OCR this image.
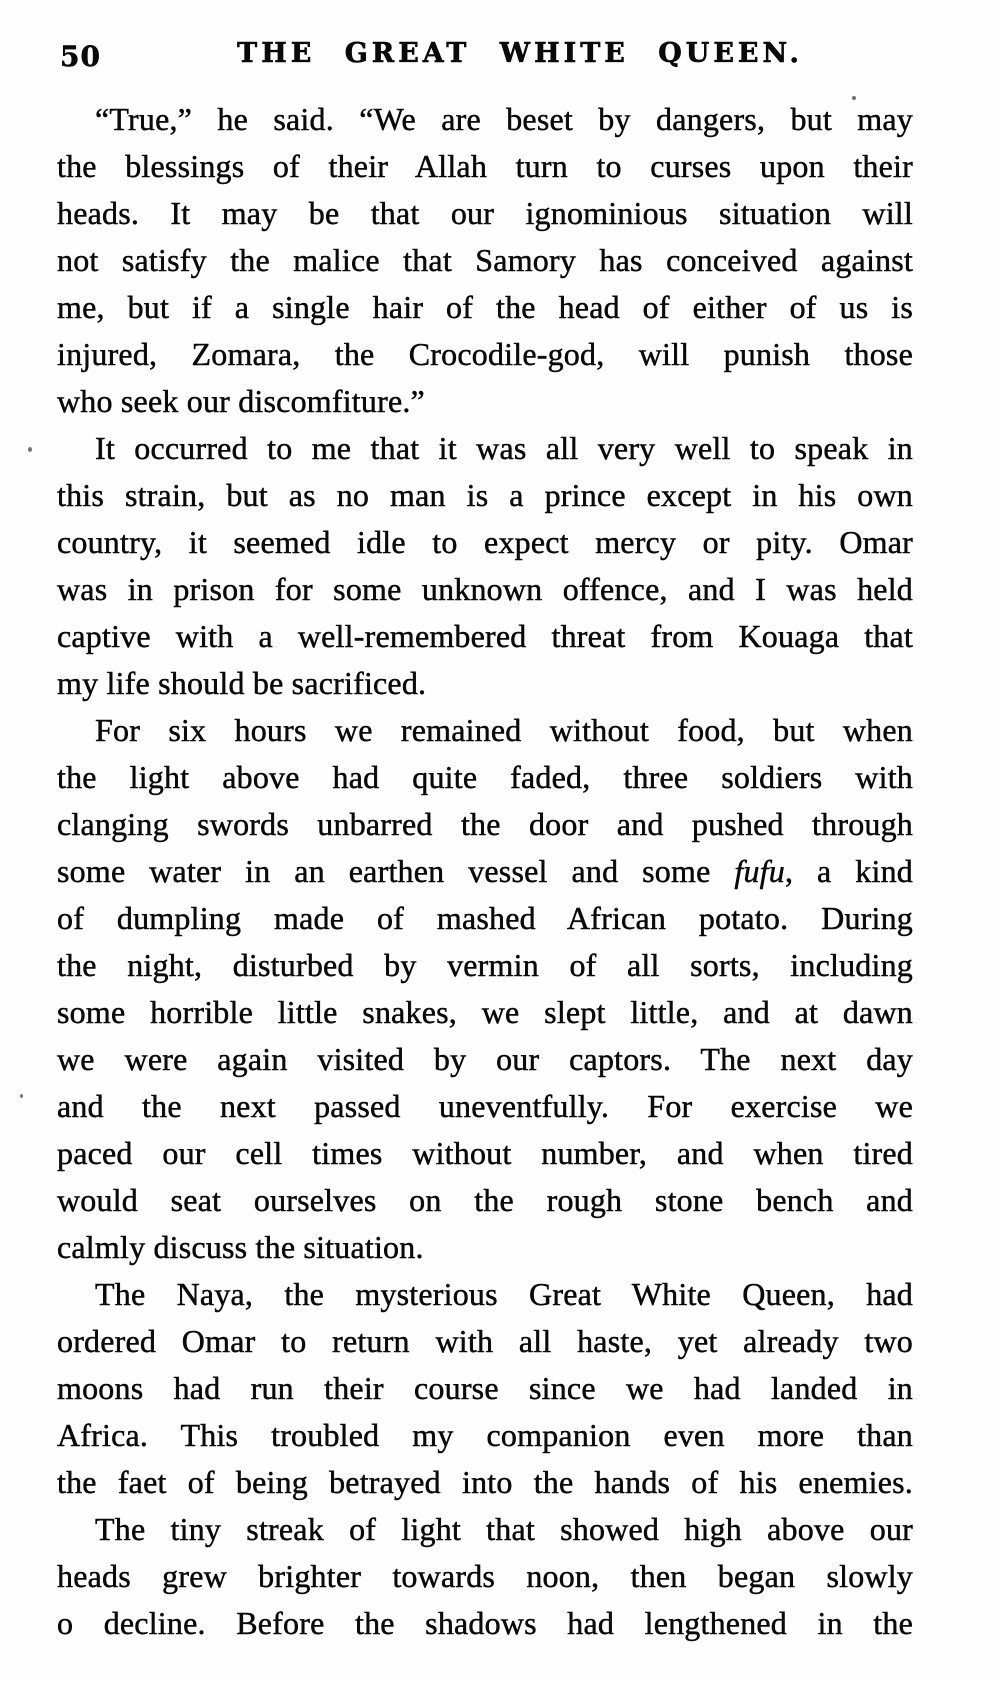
50	THE GREAT WHITE QUEEN.
“True,” he said. “We are beset by dangers, but may
the blessings of their Allah turn to curses upon their
heads. It may be that our ignominious situation will
not satisfy the malice that Samory has conceived against
me, but if a single hair of the head of either of us is
injured, Zomara, the Crocodile-god, will punish those
who seek our discomfiture.”
It occurred to me that it was all very well to speak in
this strain, but as no man is a prince except in his own
country, it seemed idle to expect mercy or pity. Omar
was in prison for some unknown offence, and I was held
captive with a well-remembered threat from Kouaga that
my life should be sacrificed.
For six hours we remained without food, but when
the light above had quite faded, three soldiers with
clanging swords unbarred the door and pushed through
some water in an earthen vessel and some fufu, a kind
of dumpling made of mashed African potato. During
the night, disturbed by vermin of all sorts, including
some horrible little snakes, we slept little, and at dawn
we were again visited by our captors. The next day
and the next passed uneventfully. For exercise we
paced our cell times without number, and when tired
would seat ourselves on the rough stone bench and
calmly discuss the situation.
The Naya, the mysterious Great White Queen, had
ordered Omar to return with all haste, yet already two
moons had run their course since we had landed in
Africa. This troubled my companion even more than
the faet of being betrayed into the hands of his enemies.
The tiny streak of light that showed high above our
heads grew brighter towards noon, then began slowly
o decline. Before the shadows had lengthened in the
